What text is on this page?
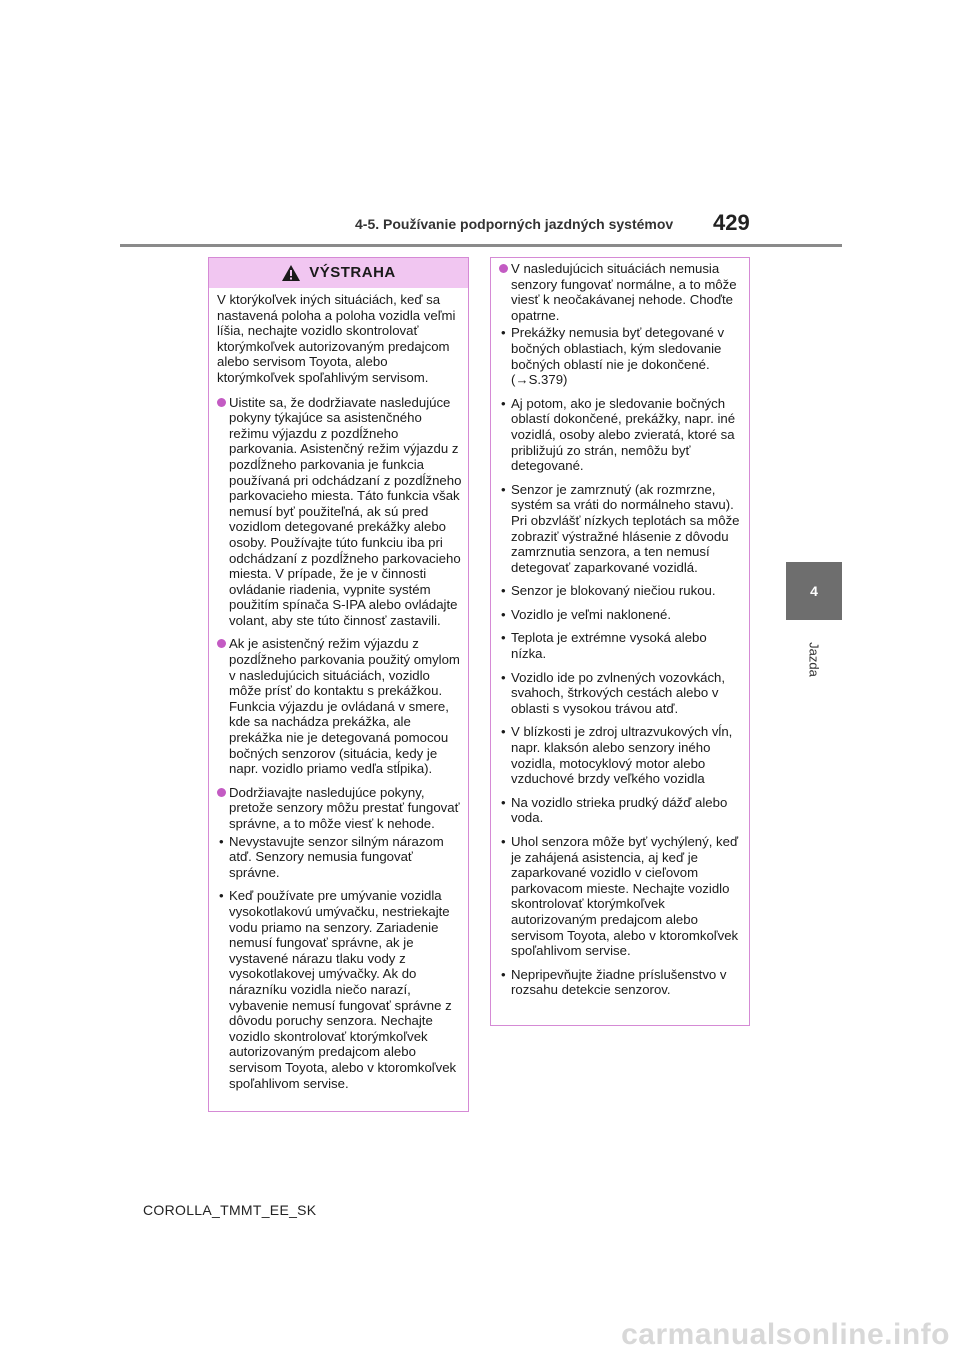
4-5. Používanie podporných jazdných systémov 429
4
Jazda
VÝSTRAHA

V ktorýkoľvek iných situáciách, keď sa nastavená poloha a poloha vozidla veľmi líšia, nechajte vozidlo skontrolovať ktorýmkoľvek autorizovaným predajcom alebo servisom Toyota, alebo ktorýmkoľvek spoľahlivým servisom.

Uistite sa, že dodržiavate nasledujúce pokyny týkajúce sa asistenčného režimu výjazdu z pozdĺžneho parkovania. Asistenčný režim výjazdu z pozdĺžneho parkovania je funkcia používaná pri odchádzaní z pozdĺžneho parkovacieho miesta. Táto funkcia však nemusí byť použiteľná, ak sú pred vozidlom detegované prekážky alebo osoby. Používajte túto funkciu iba pri odchádzaní z pozdĺžneho parkovacieho miesta. V prípade, že je v činnosti ovládanie riadenia, vypnite systém použitím spínača S-IPA alebo ovládajte volant, aby ste túto činnosť zastavili.
Ak je asistenčný režim výjazdu z pozdĺžneho parkovania použitý omylom v nasledujúcich situáciách, vozidlo môže prísť do kontaktu s prekážkou. Funkcia výjazdu je ovládaná v smere, kde sa nachádza prekážka, ale prekážka nie je detegovaná pomocou bočných senzorov (situácia, kedy je napr. vozidlo priamo vedľa stĺpika).
Dodržiavajte nasledujúce pokyny, pretože senzory môžu prestať fungovať správne, a to môže viesť k nehode.
• Nevystavujte senzor silným nárazom atď. Senzory nemusia fungovať správne.
• Keď používate pre umývanie vozidla vysokotlakovú umývačku, nestriekajte vodu priamo na senzory. Zariadenie nemusí fungovať správne, ak je vystavené nárazu tlaku vody z vysokotlakovej umývačky. Ak do nárazníku vozidla niečo narazí, vybavenie nemusí fungovať správne z dôvodu poruchy senzora. Nechajte vozidlo skontrolovať ktorýmkoľvek autorizovaným predajcom alebo servisom Toyota, alebo v ktoromkoľvek spoľahlivom servise.
V nasledujúcich situáciách nemusia senzory fungovať normálne, a to môže viesť k neočakávanej nehode. Choďte opatrne.
• Prekážky nemusia byť detegované v bočných oblastiach, kým sledovanie bočných oblastí nie je dokončené. (→S.379)
• Aj potom, ako je sledovanie bočných oblastí dokončené, prekážky, napr. iné vozidlá, osoby alebo zvieratá, ktoré sa približujú zo strán, nemôžu byť detegované.
• Senzor je zamrznutý (ak rozmrzne, systém sa vráti do normálneho stavu). Pri obzvlášť nízkych teplotách sa môže zobraziť výstražné hlásenie z dôvodu zamrznutia senzora, a ten nemusí detegovať zaparkované vozidlá.
• Senzor je blokovaný niečiou rukou.
• Vozidlo je veľmi naklonené.
• Teplota je extrémne vysoká alebo nízka.
• Vozidlo ide po zvlnených vozovkách, svahoch, štrkových cestách alebo v oblasti s vysokou trávou atď.
• V blízkosti je zdroj ultrazvukových vĺn, napr. klaksón alebo senzory iného vozidla, motocyklový motor alebo vzduchové brzdy veľkého vozidla
• Na vozidlo strieka prudký dážď alebo voda.
• Uhol senzora môže byť vychýlený, keď je zahájená asistencia, aj keď je zaparkované vozidlo v cieľovom parkovacom mieste. Nechajte vozidlo skontrolovať ktorýmkoľvek autorizovaným predajcom alebo servisom Toyota, alebo v ktoromkoľvek spoľahlivom servise.
• Nepripevňujte žiadne príslušenstvo v rozsahu detekcie senzorov.
COROLLA_TMMT_EE_SK
carmanualsonline.info
